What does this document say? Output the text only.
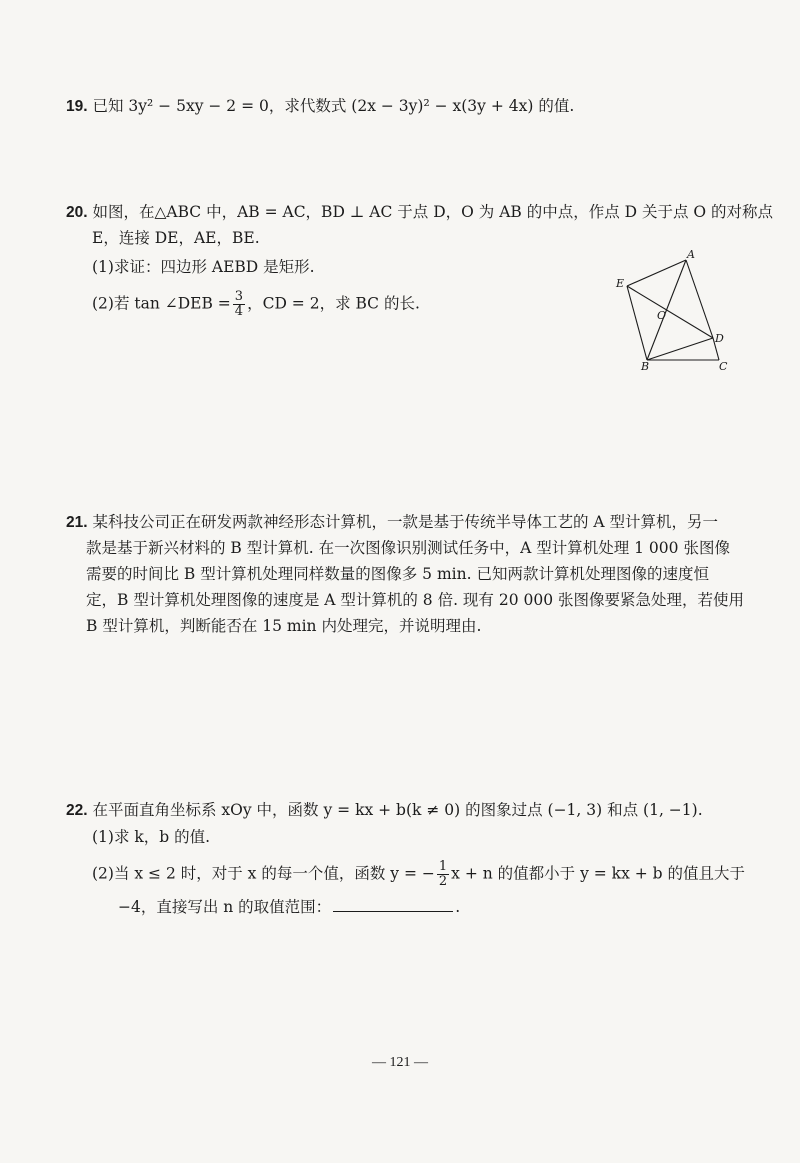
19. 已知 3y² − 5xy − 2 = 0，求代数式 (2x − 3y)² − x(3y + 4x) 的值.
20. 如图，在△ABC 中，AB = AC，BD ⊥ AC 于点 D，O 为 AB 的中点，作点 D 关于点 O 的对称点
E，连接 DE，AE，BE.
(1)求证：四边形 AEBD 是矩形.
(2)若 tan ∠DEB = $\frac{3}{4}$ ，CD = 2，求 BC 的长.
A
E
O
D
B	C
21. 某科技公司正在研发两款神经形态计算机，一款是基于传统半导体工艺的 A 型计算机，另一
款是基于新兴材料的 B 型计算机. 在一次图像识别测试任务中，A 型计算机处理 1 000 张图像
需要的时间比 B 型计算机处理同样数量的图像多 5 min. 已知两款计算机处理图像的速度恒
定，B 型计算机处理图像的速度是 A 型计算机的 8 倍. 现有 20 000 张图像要紧急处理，若使用
B 型计算机，判断能否在 15 min 内处理完，并说明理由.
22. 在平面直角坐标系 xOy 中，函数 y = kx + b(k ≠ 0) 的图象过点 (−1, 3) 和点 (1, −1).
(1)求 k，b 的值.
(2)当 x ≤ 2 时，对于 x 的每一个值，函数 y = − $\frac{1}{2}$ x + n 的值都小于 y = kx + b 的值且大于
−4，直接写出 n 的取值范围：	.
— 121 —
